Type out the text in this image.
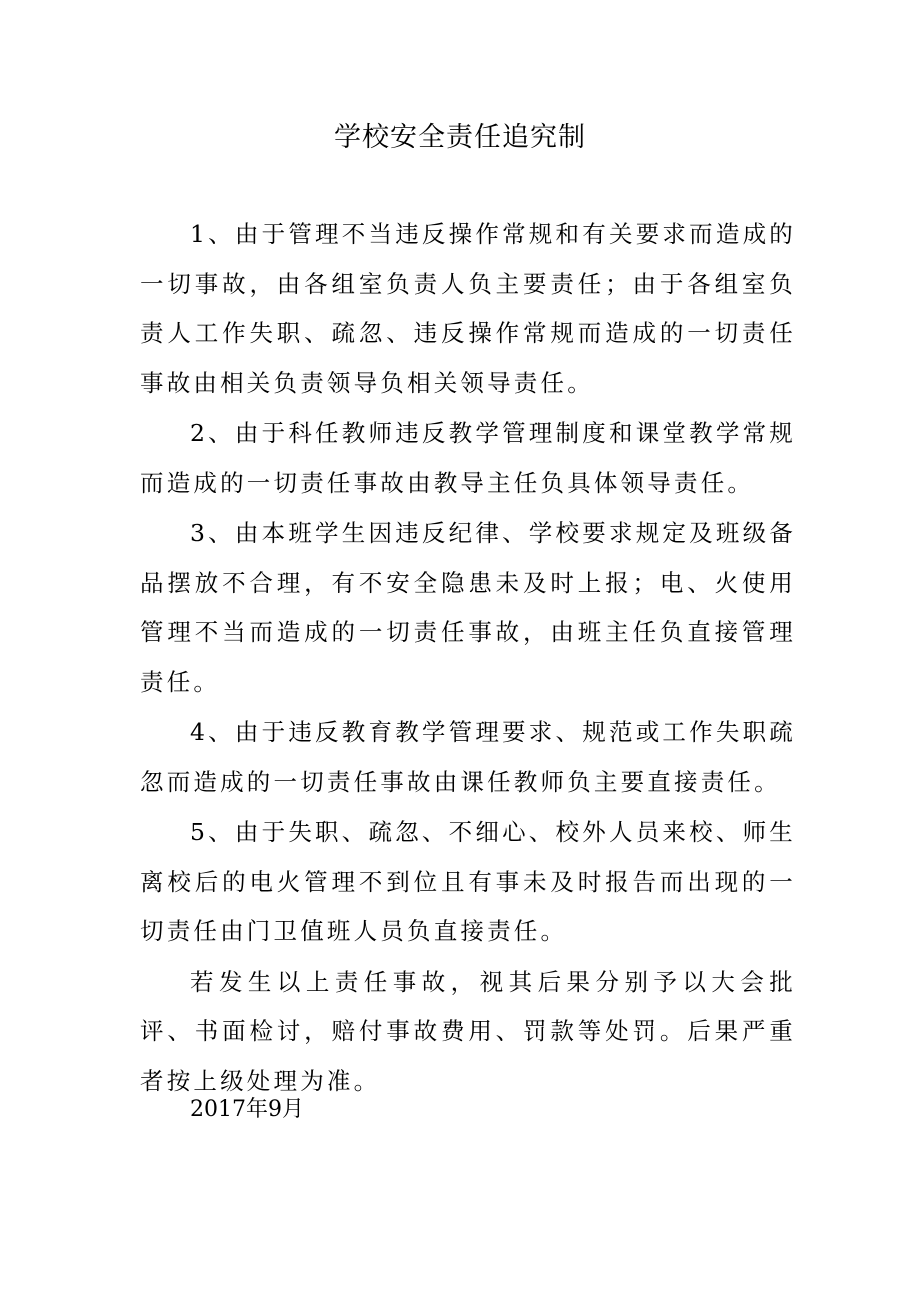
学校安全责任追究制

1、由于管理不当违反操作常规和有关要求而造成的一切事故，由各组室负责人负主要责任；由于各组室负责人工作失职、疏忽、违反操作常规而造成的一切责任事故由相关负责领导负相关领导责任。

2、由于科任教师违反教学管理制度和课堂教学常规而造成的一切责任事故由教导主任负具体领导责任。

3、由本班学生因违反纪律、学校要求规定及班级备品摆放不合理，有不安全隐患未及时上报；电、火使用管理不当而造成的一切责任事故，由班主任负直接管理责任。

4、由于违反教育教学管理要求、规范或工作失职疏忽而造成的一切责任事故由课任教师负主要直接责任。

5、由于失职、疏忽、不细心、校外人员来校、师生离校后的电火管理不到位且有事未及时报告而出现的一切责任由门卫值班人员负直接责任。

若发生以上责任事故，视其后果分别予以大会批评、书面检讨，赔付事故费用、罚款等处罚。后果严重者按上级处理为准。

2017年9月
